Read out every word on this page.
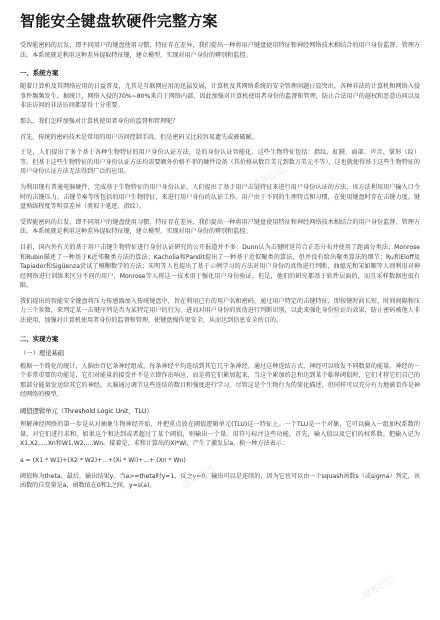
智能安全键盘软硬件完整方案
受智能密码的启发，即不同用户的键盘使用习惯、特征存在差异，我们提出一种将用户键盘使用特征和神经网络技术相结合的用户身份监督、管理方法。本系统就是利用这种差异提取特征键，建立模型，实现对用户身份的辨别和监控。
一、系统方案
随着计算机及其网络应用的日益普及，尤其是互联网应用的迅猛发展，计算机及其网络系统的安全管理问题日显突出，各种非法的计算机和网络入侵事件频频发生。据统计，网络入侵的70%~80%来自于网络内部，因此加强对计算机使用者身份的监督和管理，防止合法用户的越权和恶意访问以及非法访问的非法访问都显得十分重要。
那么，我们怎样加强对计算机使用者身份的监督和管理呢？
首先，传统的密码技术是常用的用户访问控制手段，但是密码又比较容易遗失或被破解。
于是，人们提出了多个基于各种生物特征的用户身份认证方法，是的身份认证智能化。这些生物特征包括：指纹、虹膜、面部、声音、掌形（纹）等。但基于这些生物特征的用户身份认证方法均需要额外价格不菲的硬件设备（其价格从数百美元到数万美元不等），这也就使得基于这些生物特征的用户身份认证方法无法得到广泛的应用。
为利用现有普通电脑硬件，完成基于生物特征的用户身份认证，人们提出了基于用户击键特征来进行用户身份认证的方法，该方法利用用户输入口令时的击键压力、击键节奏等所包括的用户生物特征，来进行用户身份的认证工作。用户由于不同的生理特点和习惯，在使用键盘时存在击键力度、键盘熟练程度等明显差异（类似于笔迹、指纹）。
受智能密码的启发，即不同用户的键盘使用习惯、特征存在差异，我们提出一种将用户键盘使用特征和神经网络技术相结合的用户身份监督、管理方法。本系统就是利用这种差异提取特征键，建立模型，实现对用户身份的辨别和监控。
目前，国内外有关的基于用户击键生物特征进行身份认证研究的公开报道并不多：Dunn认为击键时延符合正态分布并使用了距离分类法；Monrose和Rubin描述了一种基于K近邻聚类方法的算法；Kacholia和Pandit提出了一种基于近似聚类的算法，但并没有给出聚类算法的细节；Ru和Eloff及Tapiador和Sigüenza尝试了模糊数学的方法；朱明等人也提出了基于示例学习的方法对用户身份的真伪进行判断，曲憶光和宋如顺等人则利用对神经网络进行训练来区分不同的用户，Monrose等人将这一技术用于强化用户身份验证。但是，他们的研究都基于软件层面的，而且采样数据也很有限。
我们提出的智能安全键盘将压力传感器加入传统键盘中，旨在利用已有的用户名和密码，通过用户特定的击键特征，即按键时间长短、时间间隔和压力三个参数，来判定某一击键序列是否为某特定用户的行为，进而对用户身份的真伪进行判断识别，以此来强化身份验证的效果，防止密码被他人非法使用，加强对计算机使用者身份的监督和管理，使键盘操作更安全，从而达到信息安全的目的。
二、实现方案
（一）理论基础
根据一个简化的统计，人脑由百亿条神经组成，每条神经平均连结到其它几千条神经。通过这种连结方式，神经可以收发不同数量的能量。神经的一个非常重要的功能是，它们对能量的接受并不是立即作出响应，而是将它们累加起来，当这个累加的总和达到某个临界阈值时，它们才将它们自己的那部分能量发送给其它的神经。大脑通过调节这些连结的数目和强度进行学习。尽管这是个生物行为的简化描述，但同样可以充分有力地被看作是神经网络的模型。
阈值逻辑单元（Threshold Logic Unit，TLU）
理解神经网络的第一步是从对抽象生物神经开始，并把重点放在阈值逻辑单元(TLU)这一特征上。一个TLU是一个对象，它可以输入一组加权系数的量，对它们进行求和，如果这个和达到或者超过了某个阈值，则输出一个量。用符号标注这些功能，首先，输入值以及它们的权系数。把输入记为X1,X2,...,Xn和W1,W2,...,Wn。接着是，求和计算出的Xi*Wi，产生了激发层a，换一种方法表示：
a = (X1 * W1)+(X2 * W2)+...+(Xi * Wi)+...+ (Xn * Wn)
阈值称为theta。最后，输出结果y。当a>=theta时y=1，反之y=0。输出可以是连续的，因为它也可以由一个squash函数s（或sigma）判定，该函数的自变量是a，函数值在0和1之间，y=s(a)。
道客巴巴
道客巴巴
道客巴巴
道客巴巴
